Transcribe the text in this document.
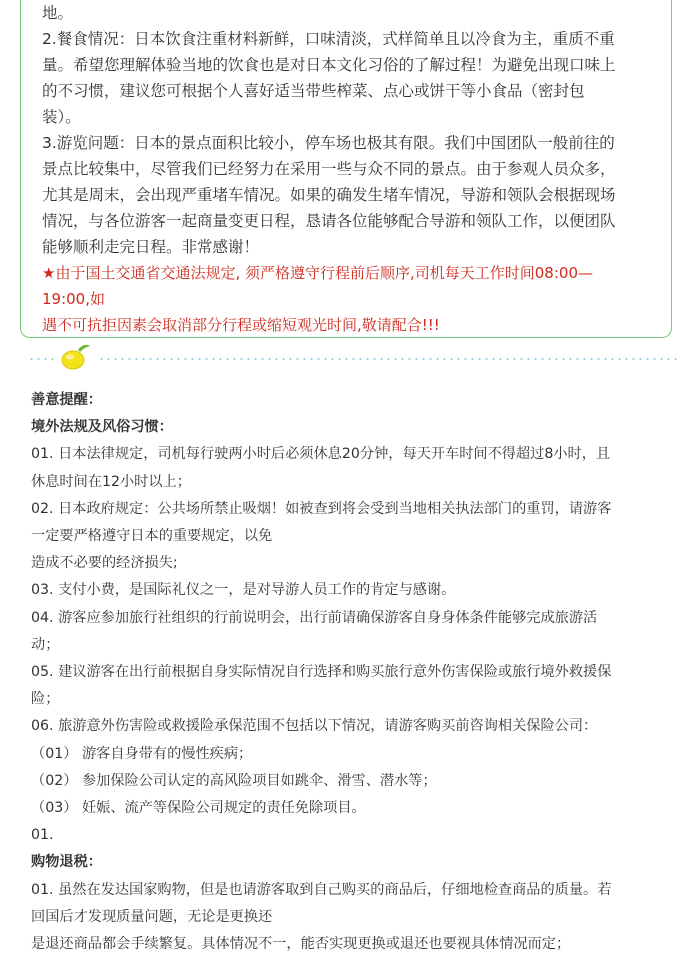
地。

2.餐食情况：日本饮食注重材料新鲜，口味清淡，式样简单且以冷食为主，重质不重

量。希望您理解体验当地的饮食也是对日本文化习俗的了解过程！为避免出现口味上

的不习惯，建议您可根据个人喜好适当带些榨菜、点心或饼干等小食品（密封包

装）。

3.游览问题：日本的景点面积比较小，停车场也极其有限。我们中国团队一般前往的

景点比较集中，尽管我们已经努力在采用一些与众不同的景点。由于参观人员众多，

尤其是周末，会出现严重堵车情况。如果的确发生堵车情况，导游和领队会根据现场

情况，与各位游客一起商量变更日程，恳请各位能够配合导游和领队工作，以便团队

能够顺利走完日程。非常感谢！

★由于国土交通省交通法规定, 须严格遵守行程前后顺序,司机每天工作时间08:00—

19:00,如

遇不可抗拒因素会取消部分行程或缩短观光时间,敬请配合!!!

善意提醒：

境外法规及风俗习惯：

01. 日本法律规定，司机每行驶两小时后必须休息20分钟，每天开车时间不得超过8小时，且

休息时间在12小时以上；

02. 日本政府规定：公共场所禁止吸烟！如被查到将会受到当地相关执法部门的重罚，请游客

一定要严格遵守日本的重要规定，以免

造成不必要的经济损失;

03. 支付小费，是国际礼仪之一，是对导游人员工作的肯定与感谢。

04. 游客应参加旅行社组织的行前说明会，出行前请确保游客自身身体条件能够完成旅游活

动；

05. 建议游客在出行前根据自身实际情况自行选择和购买旅行意外伤害保险或旅行境外救援保

险；

06. 旅游意外伤害险或救援险承保范围不包括以下情况，请游客购买前咨询相关保险公司：

（01） 游客自身带有的慢性疾病；

（02） 参加保险公司认定的高风险项目如跳伞、滑雪、潜水等；

（03） 妊娠、流产等保险公司规定的责任免除项目。

01.

购物退税：

01. 虽然在发达国家购物，但是也请游客取到自己购买的商品后，仔细地检查商品的质量。若

回国后才发现质量问题，无论是更换还

是退还商品都会手续繁复。具体情况不一，能否实现更换或退还也要视具体情况而定；
